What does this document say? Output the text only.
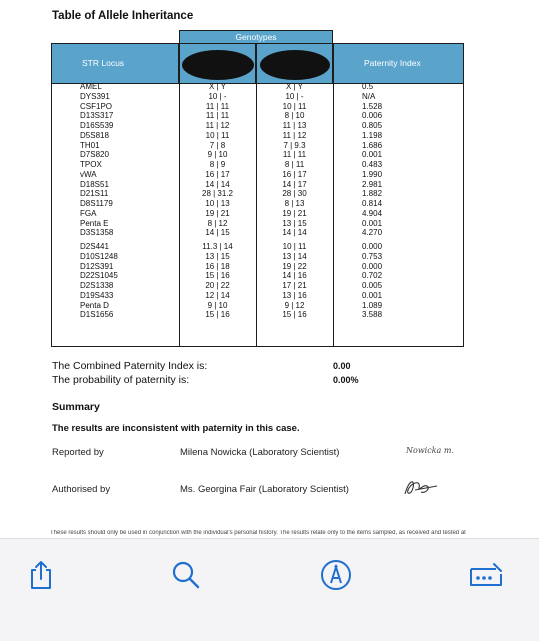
Table of Allele Inheritance
STR Locus
Genotypes
Paternity Index
AMEL	X | Y	X | Y	0.5
DYS391	10 | -	10 | -	N/A
CSF1PO	11 | 11	10 | 11	1.528
D13S317	11 | 11	8 | 10	0.006
D16S539	11 | 12	11 | 13	0.805
D5S818	10 | 11	11 | 12	1.198
TH01	7 | 8	7 | 9.3	1.686
D7S820	9 | 10	11 | 11	0.001
TPOX	8 | 9	8 | 11	0.483
vWA	16 | 17	16 | 17	1.990
D18S51	14 | 14	14 | 17	2.981
D21S11	28 | 31.2	28 | 30	1.882
D8S1179	10 | 13	8 | 13	0.814
FGA	19 | 21	19 | 21	4.904
Penta E	8 | 12	13 | 15	0.001
D3S1358	14 | 15	14 | 14	4.270
D2S441	11.3 | 14	10 | 11	0.000
D10S1248	13 | 15	13 | 14	0.753
D12S391	16 | 18	19 | 22	0.000
D22S1045	15 | 16	14 | 16	0.702
D2S1338	20 | 22	17 | 21	0.005
D19S433	12 | 14	13 | 16	0.001
Penta D	9 | 10	9 | 12	1.089
D1S1656	15 | 16	15 | 16	3.588
The Combined Paternity Index is:	0.00
The probability of paternity is:	0.00%
Summary
The results are inconsistent with paternity in this case.
Reported by	Milena Nowicka (Laboratory Scientist)	Nowicka m.
Authorised by	Ms. Georgina Fair (Laboratory Scientist)
These results should only be used in conjunction with the individual's personal history. The results relate only to the items sampled, as received and tested at
